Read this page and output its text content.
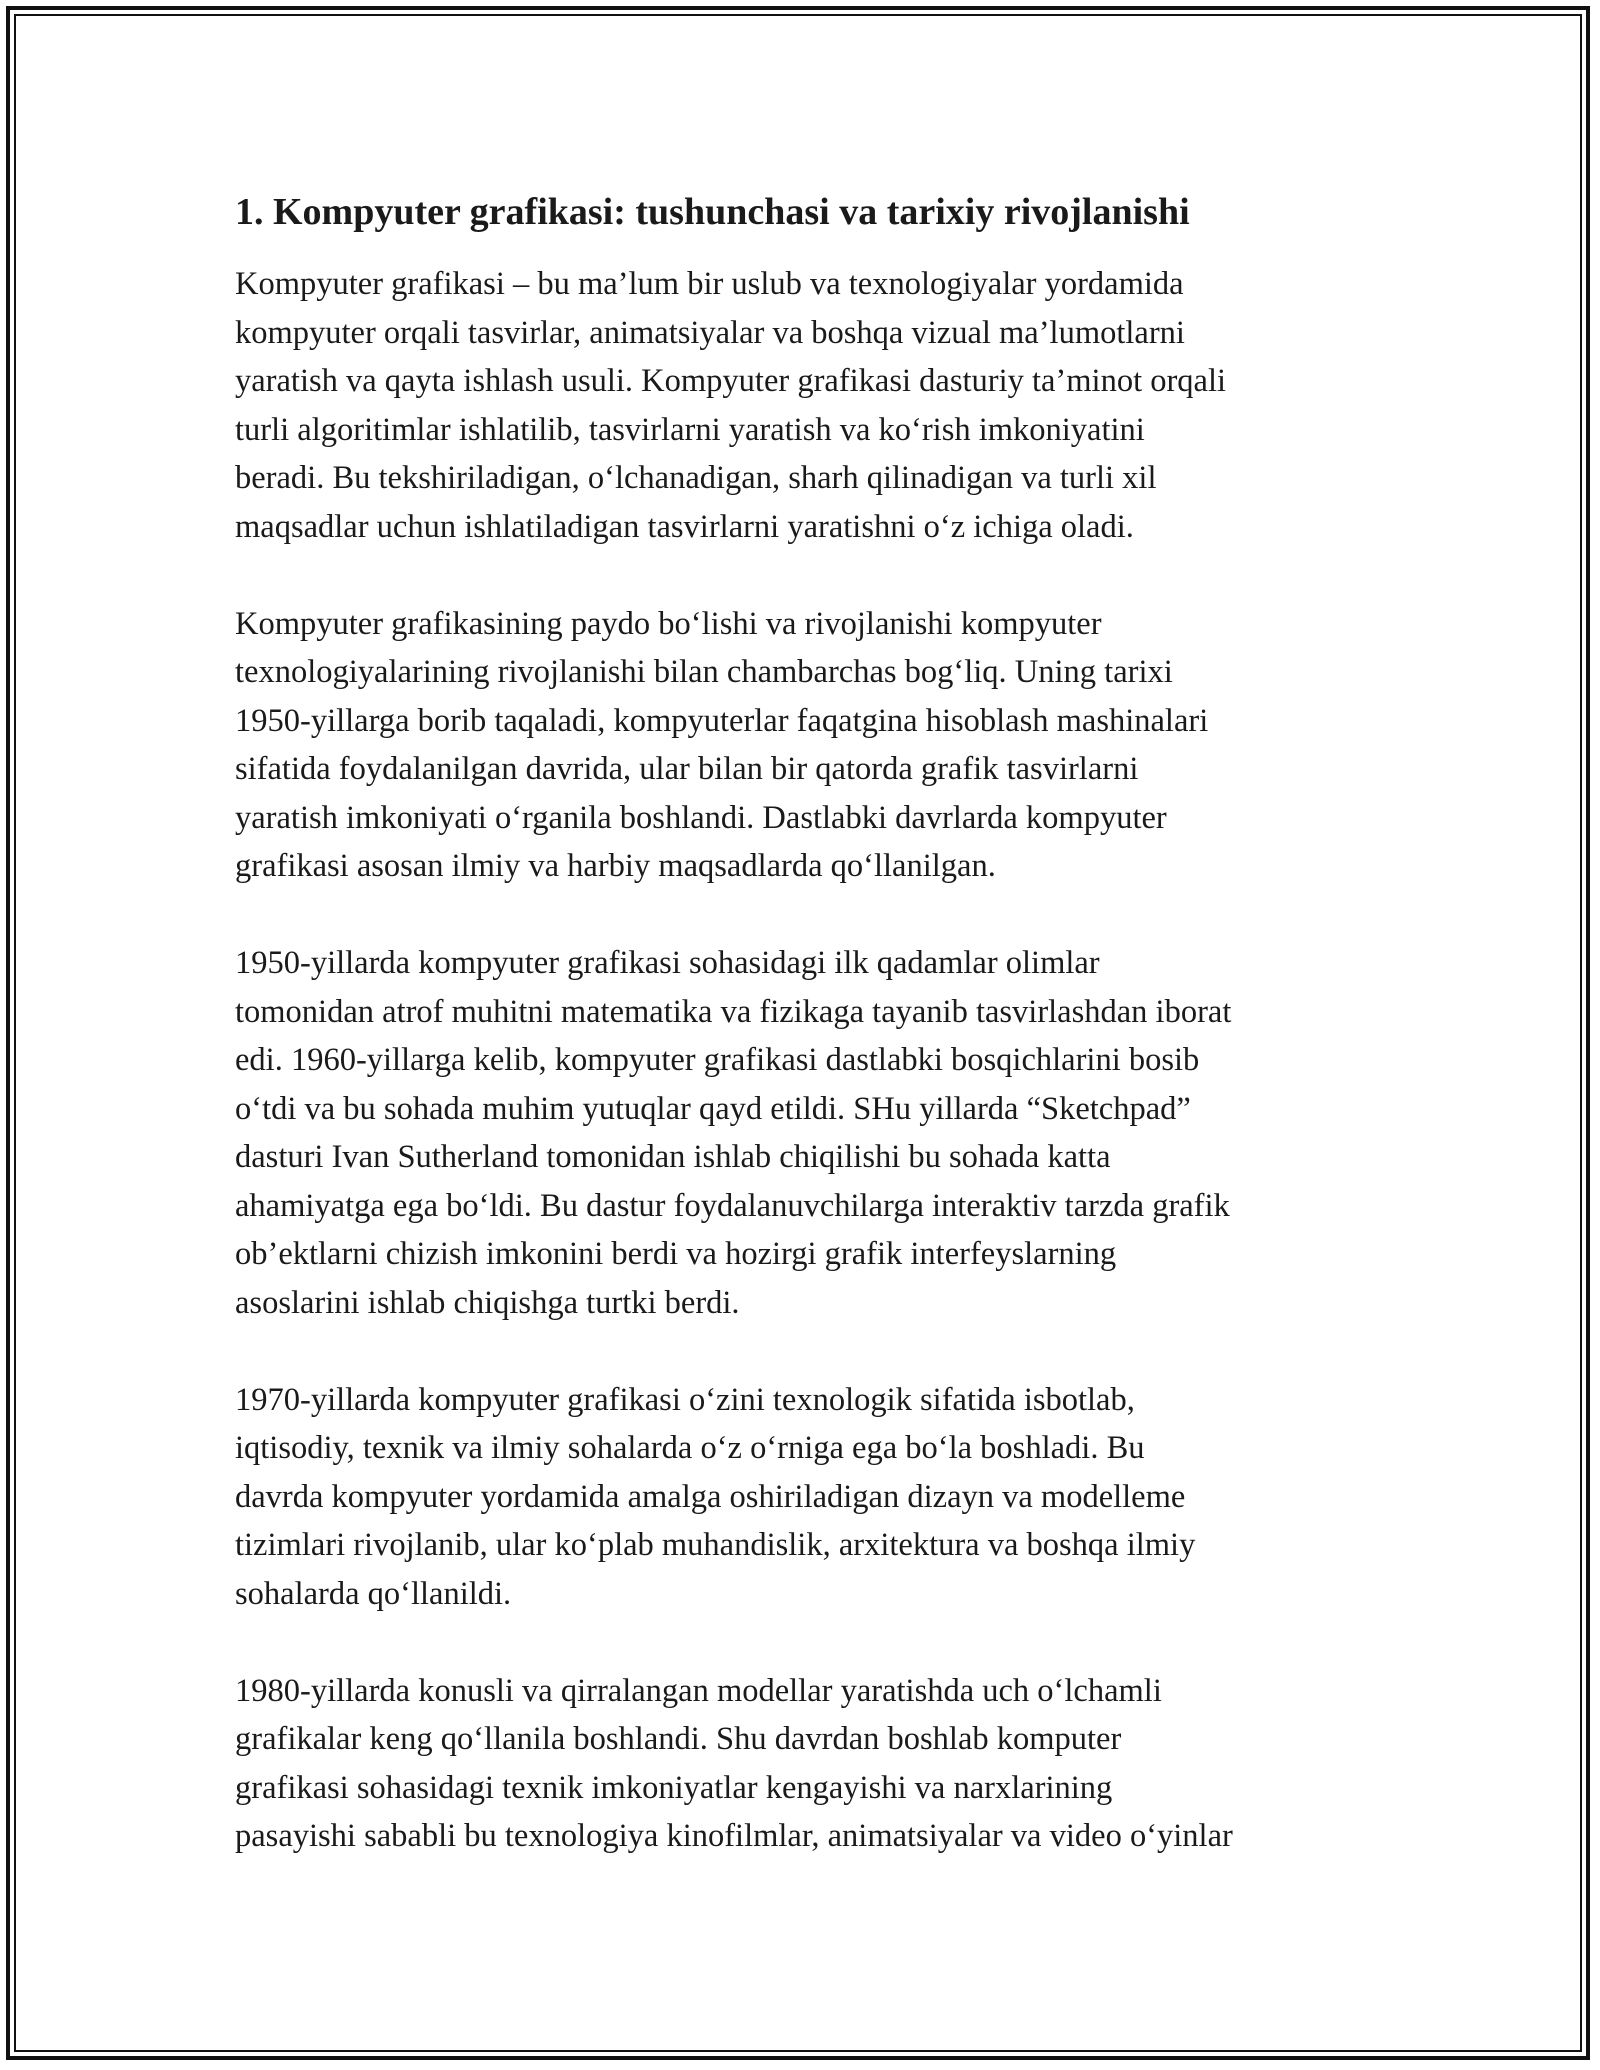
1. Kompyuter grafikasi: tushunchasi va tarixiy rivojlanishi

Kompyuter grafikasi – bu ma’lum bir uslub va texnologiyalar yordamida
kompyuter orqali tasvirlar, animatsiyalar va boshqa vizual ma’lumotlarni
yaratish va qayta ishlash usuli. Kompyuter grafikasi dasturiy ta’minot orqali
turli algoritimlar ishlatilib, tasvirlarni yaratish va ko‘rish imkoniyatini
beradi. Bu tekshiriladigan, o‘lchanadigan, sharh qilinadigan va turli xil
maqsadlar uchun ishlatiladigan tasvirlarni yaratishni o‘z ichiga oladi.

Kompyuter grafikasining paydo bo‘lishi va rivojlanishi kompyuter
texnologiyalarining rivojlanishi bilan chambarchas bog‘liq. Uning tarixi
1950-yillarga borib taqaladi, kompyuterlar faqatgina hisoblash mashinalari
sifatida foydalanilgan davrida, ular bilan bir qatorda grafik tasvirlarni
yaratish imkoniyati o‘rganila boshlandi. Dastlabki davrlarda kompyuter
grafikasi asosan ilmiy va harbiy maqsadlarda qo‘llanilgan.

1950-yillarda kompyuter grafikasi sohasidagi ilk qadamlar olimlar
tomonidan atrof muhitni matematika va fizikaga tayanib tasvirlashdan iborat
edi. 1960-yillarga kelib, kompyuter grafikasi dastlabki bosqichlarini bosib
o‘tdi va bu sohada muhim yutuqlar qayd etildi. SHu yillarda “Sketchpad”
dasturi Ivan Sutherland tomonidan ishlab chiqilishi bu sohada katta
ahamiyatga ega bo‘ldi. Bu dastur foydalanuvchilarga interaktiv tarzda grafik
ob’ektlarni chizish imkonini berdi va hozirgi grafik interfeyslarning
asoslarini ishlab chiqishga turtki berdi.

1970-yillarda kompyuter grafikasi o‘zini texnologik sifatida isbotlab,
iqtisodiy, texnik va ilmiy sohalarda o‘z o‘rniga ega bo‘la boshladi. Bu
davrda kompyuter yordamida amalga oshiriladigan dizayn va modelleme
tizimlari rivojlanib, ular ko‘plab muhandislik, arxitektura va boshqa ilmiy
sohalarda qo‘llanildi.

1980-yillarda konusli va qirralangan modellar yaratishda uch o‘lchamli
grafikalar keng qo‘llanila boshlandi. Shu davrdan boshlab komputer
grafikasi sohasidagi texnik imkoniyatlar kengayishi va narxlarining
pasayishi sababli bu texnologiya kinofilmlar, animatsiyalar va video o‘yinlar
